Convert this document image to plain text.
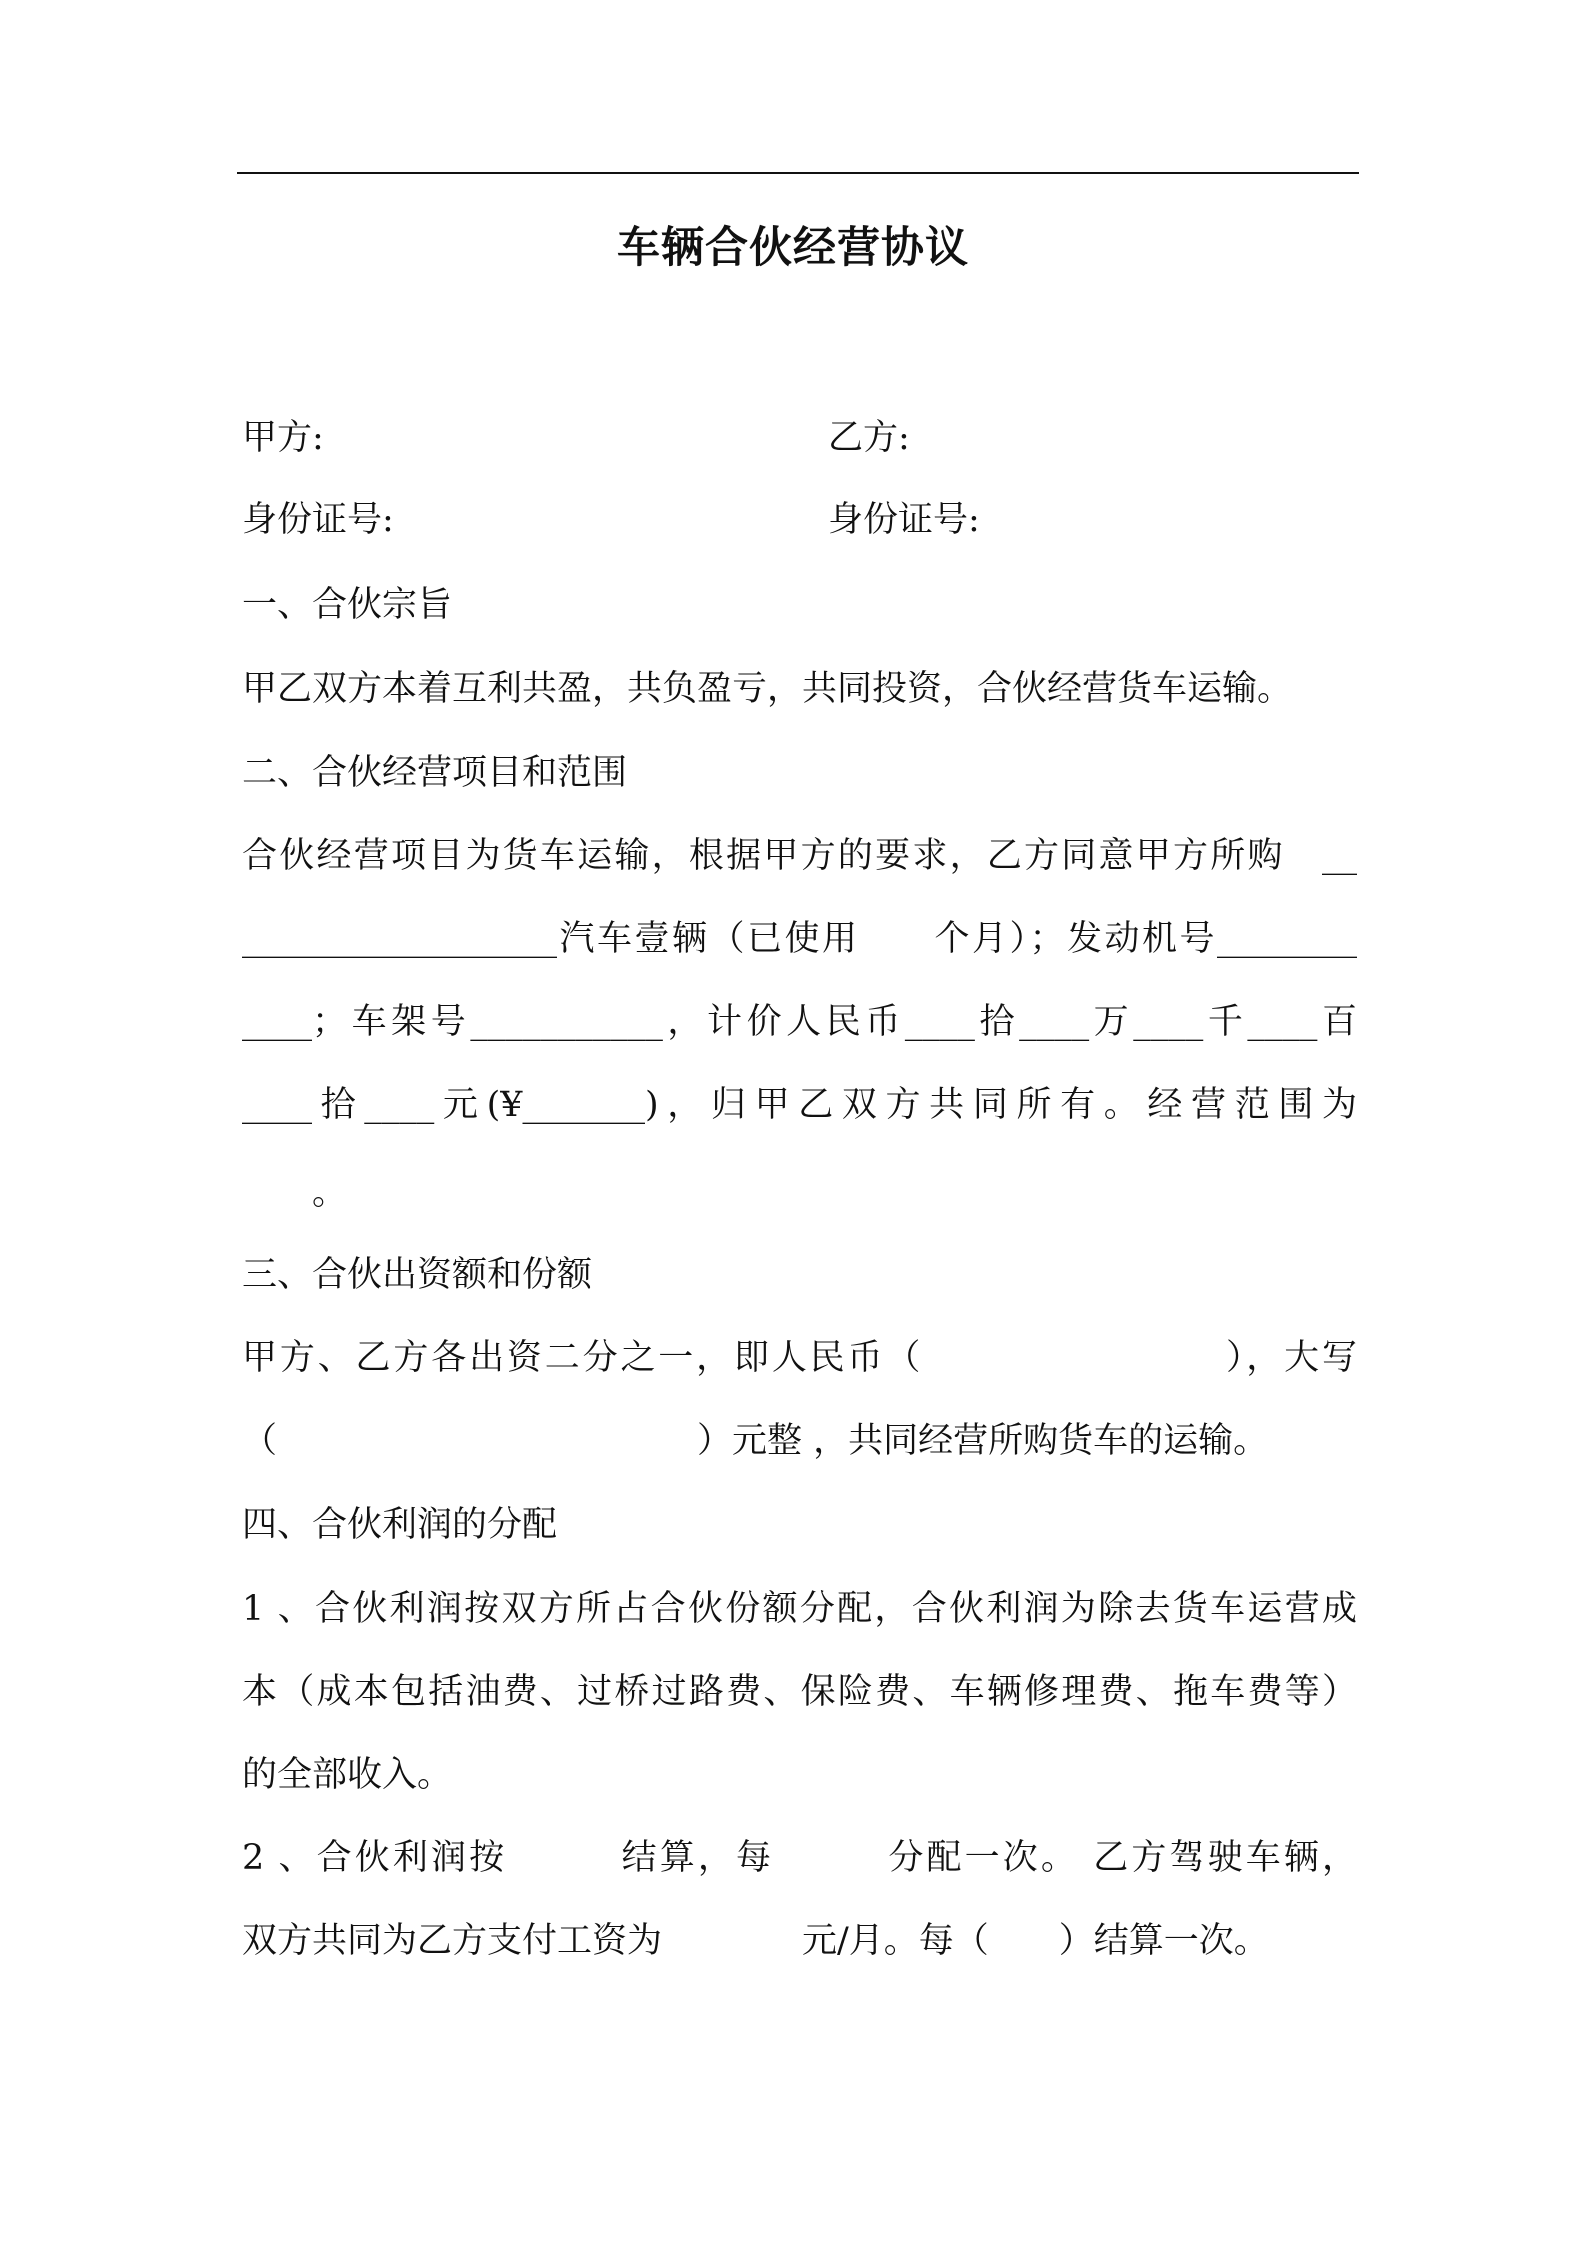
车辆合伙经营协议
甲方:	乙方:
身份证号:	身份证号:
一、合伙宗旨
甲乙双方本着互利共盈，共负盈亏，共同投资，合伙经营货车运输。
二、合伙经营项目和范围
合伙经营项目为货车运输，根据甲方的要求，乙方同意甲方所购　__
__________________汽车壹辆（已使用　　个月）；发动机号________
____；车架号___________，计价人民币____拾____万____千____百
____拾____元(¥_______)，归甲乙双方共同所有。经营范围为
　　。
三、合伙出资额和份额
甲方、乙方各出资二分之一，即人民币（　　　　　　　　），大写
（　　　　　　　　　　　　）元整 ，共同经营所购货车的运输。
四、合伙利润的分配
1 、合伙利润按双方所占合伙份额分配，合伙利润为除去货车运营成
本（成本包括油费、过桥过路费、保险费、车辆修理费、拖车费等）
的全部收入。
2 、合伙利润按　　　结算，每　　　分配一次。 乙方驾驶车辆，
双方共同为乙方支付工资为　　　　元/月。每（　　）结算一次。
